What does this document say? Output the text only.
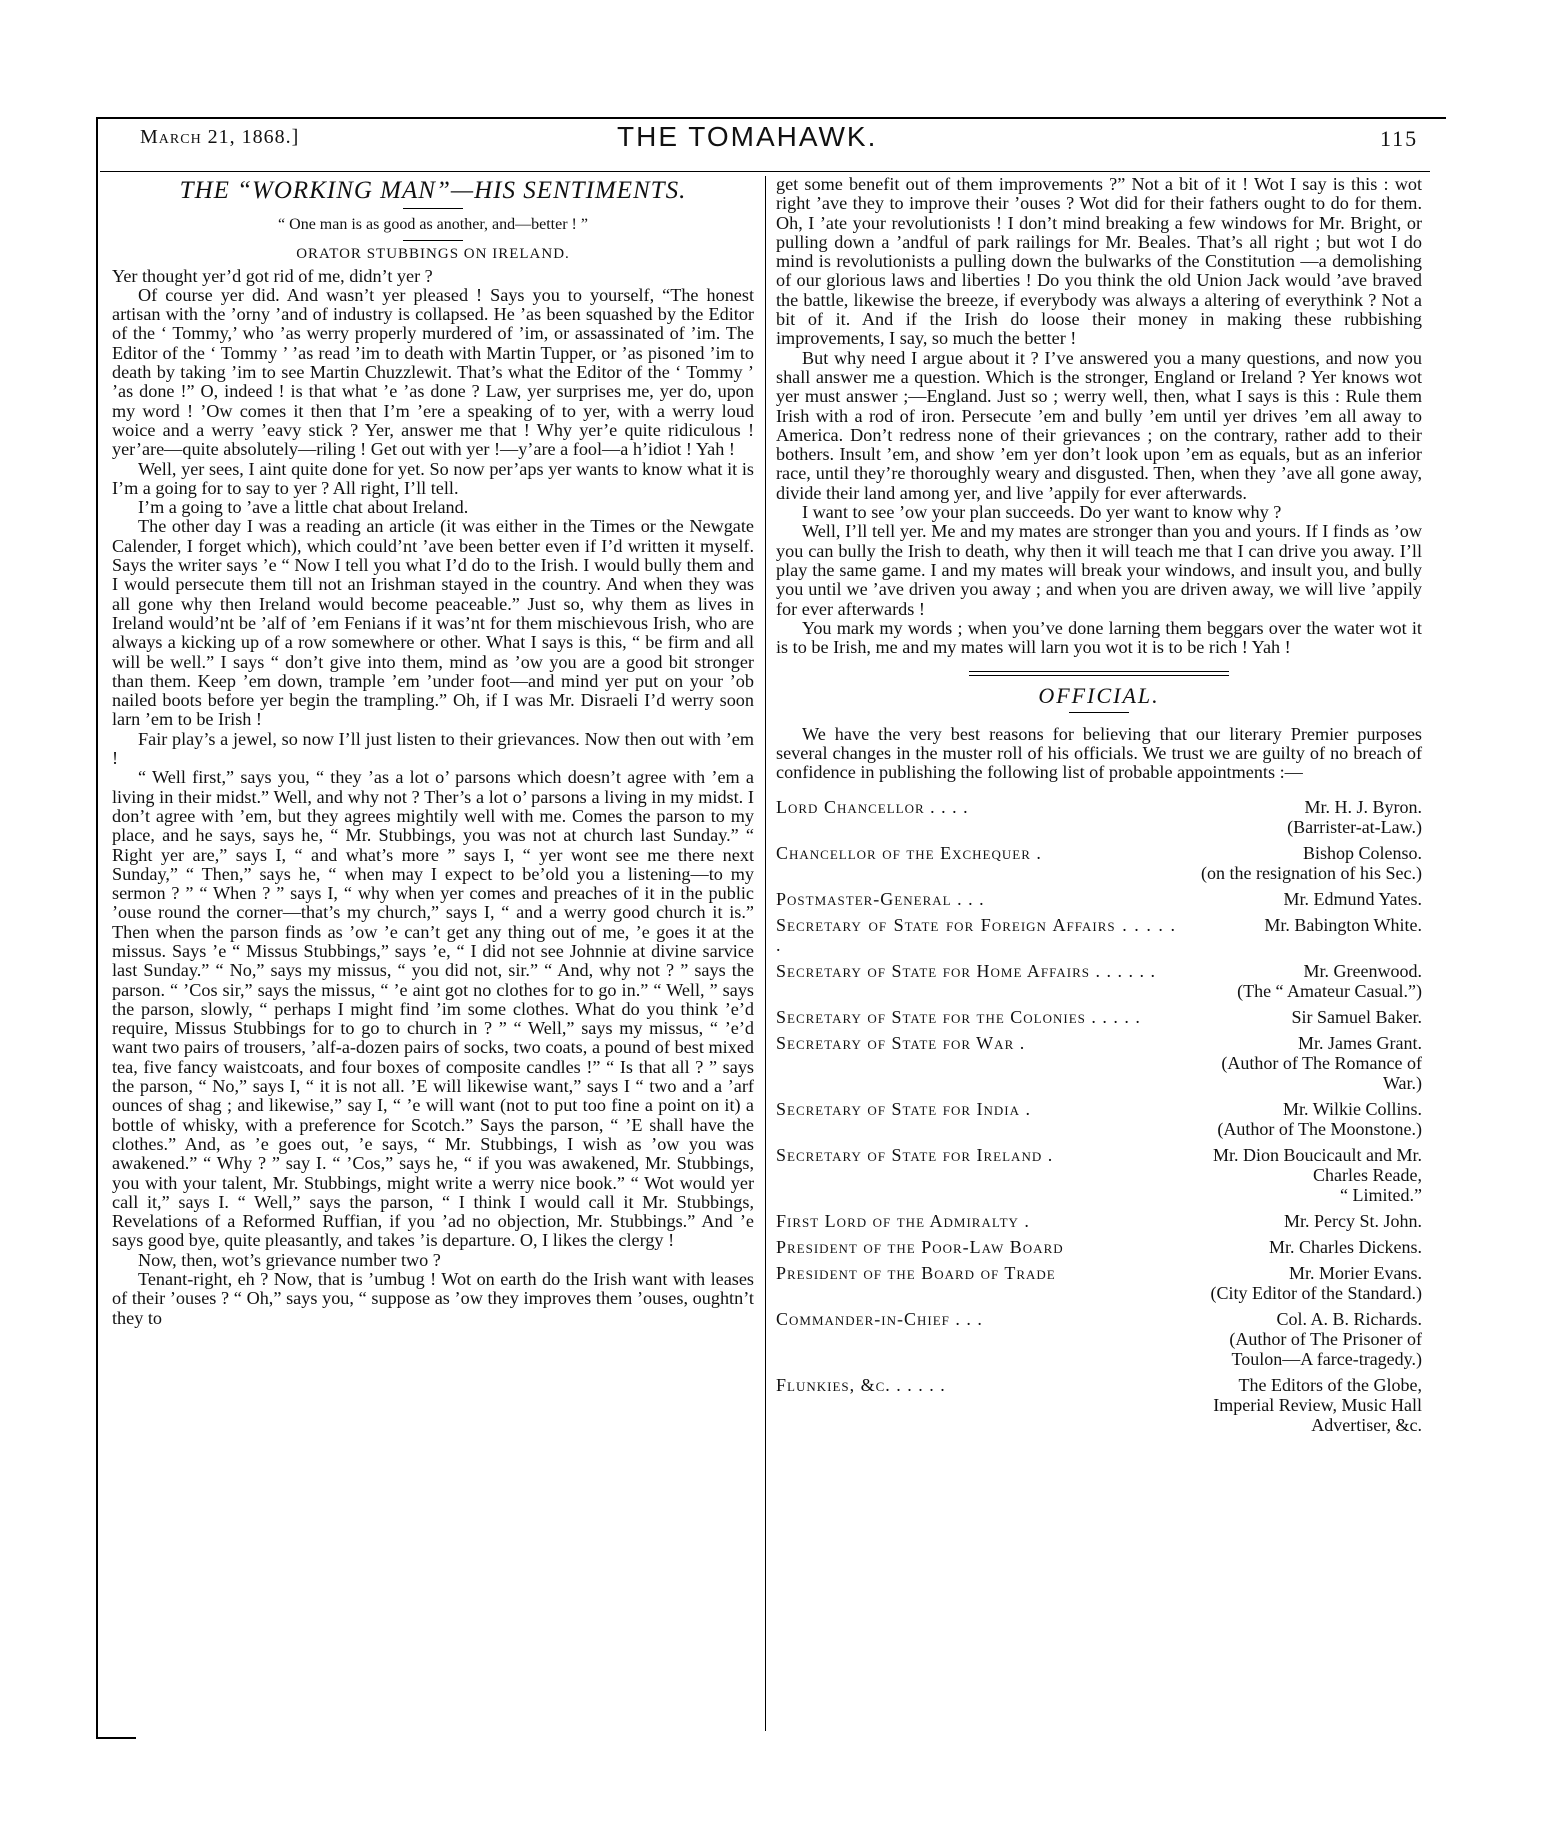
March 21, 1868.]	THE TOMAHAWK.	115
THE “WORKING MAN”—HIS SENTIMENTS.
“ One man is as good as another, and—better ! ”
ORATOR STUBBINGS ON IRELAND.

Yer thought yer’d got rid of me, didn’t yer ?

Of course yer did. And wasn’t yer pleased ! Says you to yourself, “The honest artisan with the ’orny ’and of industry is collapsed. He ’as been squashed by the Editor of the ‘ Tommy,’ who ’as werry properly murdered of ’im, or assassinated of ’im. The Editor of the ‘ Tommy ’ ’as read ’im to death with Martin Tupper, or ’as pisoned ’im to death by taking ’im to see Martin Chuzzlewit. That’s what the Editor of the ‘ Tommy ’ ’as done !” O, indeed ! is that what ’e ’as done ? Law, yer surprises me, yer do, upon my word ! ’Ow comes it then that I’m ’ere a speaking of to yer, with a werry loud woice and a werry ’eavy stick ? Yer, answer me that ! Why yer’e quite ridiculous ! yer’are—quite absolutely—riling ! Get out with yer !—y’are a fool—a h’idiot ! Yah !

Well, yer sees, I aint quite done for yet. So now per’aps yer wants to know what it is I’m a going for to say to yer ? All right, I’ll tell.

I’m a going to ’ave a little chat about Ireland.

The other day I was a reading an article (it was either in the Times or the Newgate Calender, I forget which), which could’nt ’ave been better even if I’d written it myself. Says the writer says ’e “ Now I tell you what I’d do to the Irish. I would bully them and I would persecute them till not an Irishman stayed in the country. And when they was all gone why then Ireland would become peaceable.” Just so, why them as lives in Ireland would’nt be ’alf of ’em Fenians if it was’nt for them mischievous Irish, who are always a kicking up of a row somewhere or other. What I says is this, “ be firm and all will be well.” I says “ don’t give into them, mind as ’ow you are a good bit stronger than them. Keep ’em down, trample ’em ’under foot—and mind yer put on your ’ob nailed boots before yer begin the trampling.” Oh, if I was Mr. Disraeli I’d werry soon larn ’em to be Irish !

Fair play’s a jewel, so now I’ll just listen to their grievances. Now then out with ’em !

“ Well first,” says you, “ they ’as a lot o’ parsons which doesn’t agree with ’em a living in their midst.” Well, and why not ? Ther’s a lot o’ parsons a living in my midst. I don’t agree with ’em, but they agrees mightily well with me. Comes the parson to my place, and he says, says he, “ Mr. Stubbings, you was not at church last Sunday.” “ Right yer are,” says I, “ and what’s more ” says I, “ yer wont see me there next Sunday,” “ Then,” says he, “ when may I expect to be’old you a listening—to my sermon ? ” “ When ? ” says I, “ why when yer comes and preaches of it in the public ’ouse round the corner—that’s my church,” says I, “ and a werry good church it is.” Then when the parson finds as ’ow ’e can’t get any thing out of me, ’e goes it at the missus. Says ’e “ Missus Stubbings,” says ’e, “ I did not see Johnnie at divine sarvice last Sunday.” “ No,” says my missus, “ you did not, sir.” “ And, why not ? ” says the parson. “ ’Cos sir,” says the missus, “ ’e aint got no clothes for to go in.” “ Well, ” says the parson, slowly, “ perhaps I might find ’im some clothes. What do you think ’e’d require, Missus Stubbings for to go to church in ? ” “ Well,” says my missus, “ ’e’d want two pairs of trousers, ’alf-a-dozen pairs of socks, two coats, a pound of best mixed tea, five fancy waistcoats, and four boxes of composite candles !” “ Is that all ? ” says the parson, “ No,” says I, “ it is not all. ’E will likewise want,” says I “ two and a ’arf ounces of shag ; and likewise,” say I, “ ’e will want (not to put too fine a point on it) a bottle of whisky, with a preference for Scotch.” Says the parson, “ ’E shall have the clothes.” And, as ’e goes out, ’e says, “ Mr. Stubbings, I wish as ’ow you was awakened.” “ Why ? ” say I. “ ’Cos,” says he, “ if you was awakened, Mr. Stubbings, you with your talent, Mr. Stubbings, might write a werry nice book.” “ Wot would yer call it,” says I. “ Well,” says the parson, “ I think I would call it Mr. Stubbings, Revelations of a Reformed Ruffian, if you ’ad no objection, Mr. Stubbings.” And ’e says good bye, quite pleasantly, and takes ’is departure. O, I likes the clergy !

Now, then, wot’s grievance number two ?

Tenant-right, eh ? Now, that is ’umbug ! Wot on earth do the Irish want with leases of their ’ouses ? “ Oh,” says you, “ suppose as ’ow they improves them ’ouses, oughtn’t they to

get some benefit out of them improvements ?” Not a bit of it ! Wot I say is this : wot right ’ave they to improve their ’ouses ? Wot did for their fathers ought to do for them. Oh, I ’ate your revolutionists ! I don’t mind breaking a few windows for Mr. Bright, or pulling down a ’andful of park railings for Mr. Beales. That’s all right ; but wot I do mind is revolutionists a pulling down the bulwarks of the Constitution —a demolishing of our glorious laws and liberties ! Do you think the old Union Jack would ’ave braved the battle, likewise the breeze, if everybody was always a altering of everythink ? Not a bit of it. And if the Irish do loose their money in making these rubbishing improvements, I say, so much the better !

But why need I argue about it ? I’ve answered you a many questions, and now you shall answer me a question. Which is the stronger, England or Ireland ? Yer knows wot yer must answer ;—England. Just so ; werry well, then, what I says is this : Rule them Irish with a rod of iron. Persecute ’em and bully ’em until yer drives ’em all away to America. Don’t redress none of their grievances ; on the contrary, rather add to their bothers. Insult ’em, and show ’em yer don’t look upon ’em as equals, but as an inferior race, until they’re thoroughly weary and disgusted. Then, when they ’ave all gone away, divide their land among yer, and live ’appily for ever afterwards.

I want to see ’ow your plan succeeds. Do yer want to know why ?

Well, I’ll tell yer. Me and my mates are stronger than you and yours. If I finds as ’ow you can bully the Irish to death, why then it will teach me that I can drive you away. I’ll play the same game. I and my mates will break your windows, and insult you, and bully you until we ’ave driven you away ; and when you are driven away, we will live ’appily for ever afterwards !

You mark my words ; when you’ve done larning them beggars over the water wot it is to be Irish, me and my mates will larn you wot it is to be rich ! Yah !

OFFICIAL.

We have the very best reasons for believing that our literary Premier purposes several changes in the muster roll of his officials. We trust we are guilty of no breach of confidence in publishing the following list of probable appointments :—

Lord Chancellor . . . .	Mr. H. J. Byron.
(Barrister-at-Law.)
Chancellor of the Exchequer .	Bishop Colenso.
(on the resignation of his Sec.)
Postmaster-General . . .	Mr. Edmund Yates.
Secretary of State for Foreign Affairs . . . . . .
Mr. Babington White.
Secretary of State for Home Affairs . . . . . .	Mr. Greenwood.
(The “ Amateur Casual.”)
Secretary of State for the Colonies . . . . .	Sir Samuel Baker.
Secretary of State for War .	Mr. James Grant.
(Author of The Romance of War.)
Secretary of State for India .	Mr. Wilkie Collins.
(Author of The Moonstone.)
Secretary of State for Ireland .	Mr. Dion Boucicault and Mr. Charles Reade,
“ Limited.”
First Lord of the Admiralty .	Mr. Percy St. John.
President of the Poor-Law Board	Mr. Charles Dickens.
President of the Board of Trade	Mr. Morier Evans.
(City Editor of the Standard.)
Commander-in-Chief . . .	Col. A. B. Richards.
(Author of The Prisoner of Toulon—A farce-tragedy.)
Flunkies, &c. . . . . .	The Editors of the Globe, Imperial Review, Music Hall Advertiser, &c.
